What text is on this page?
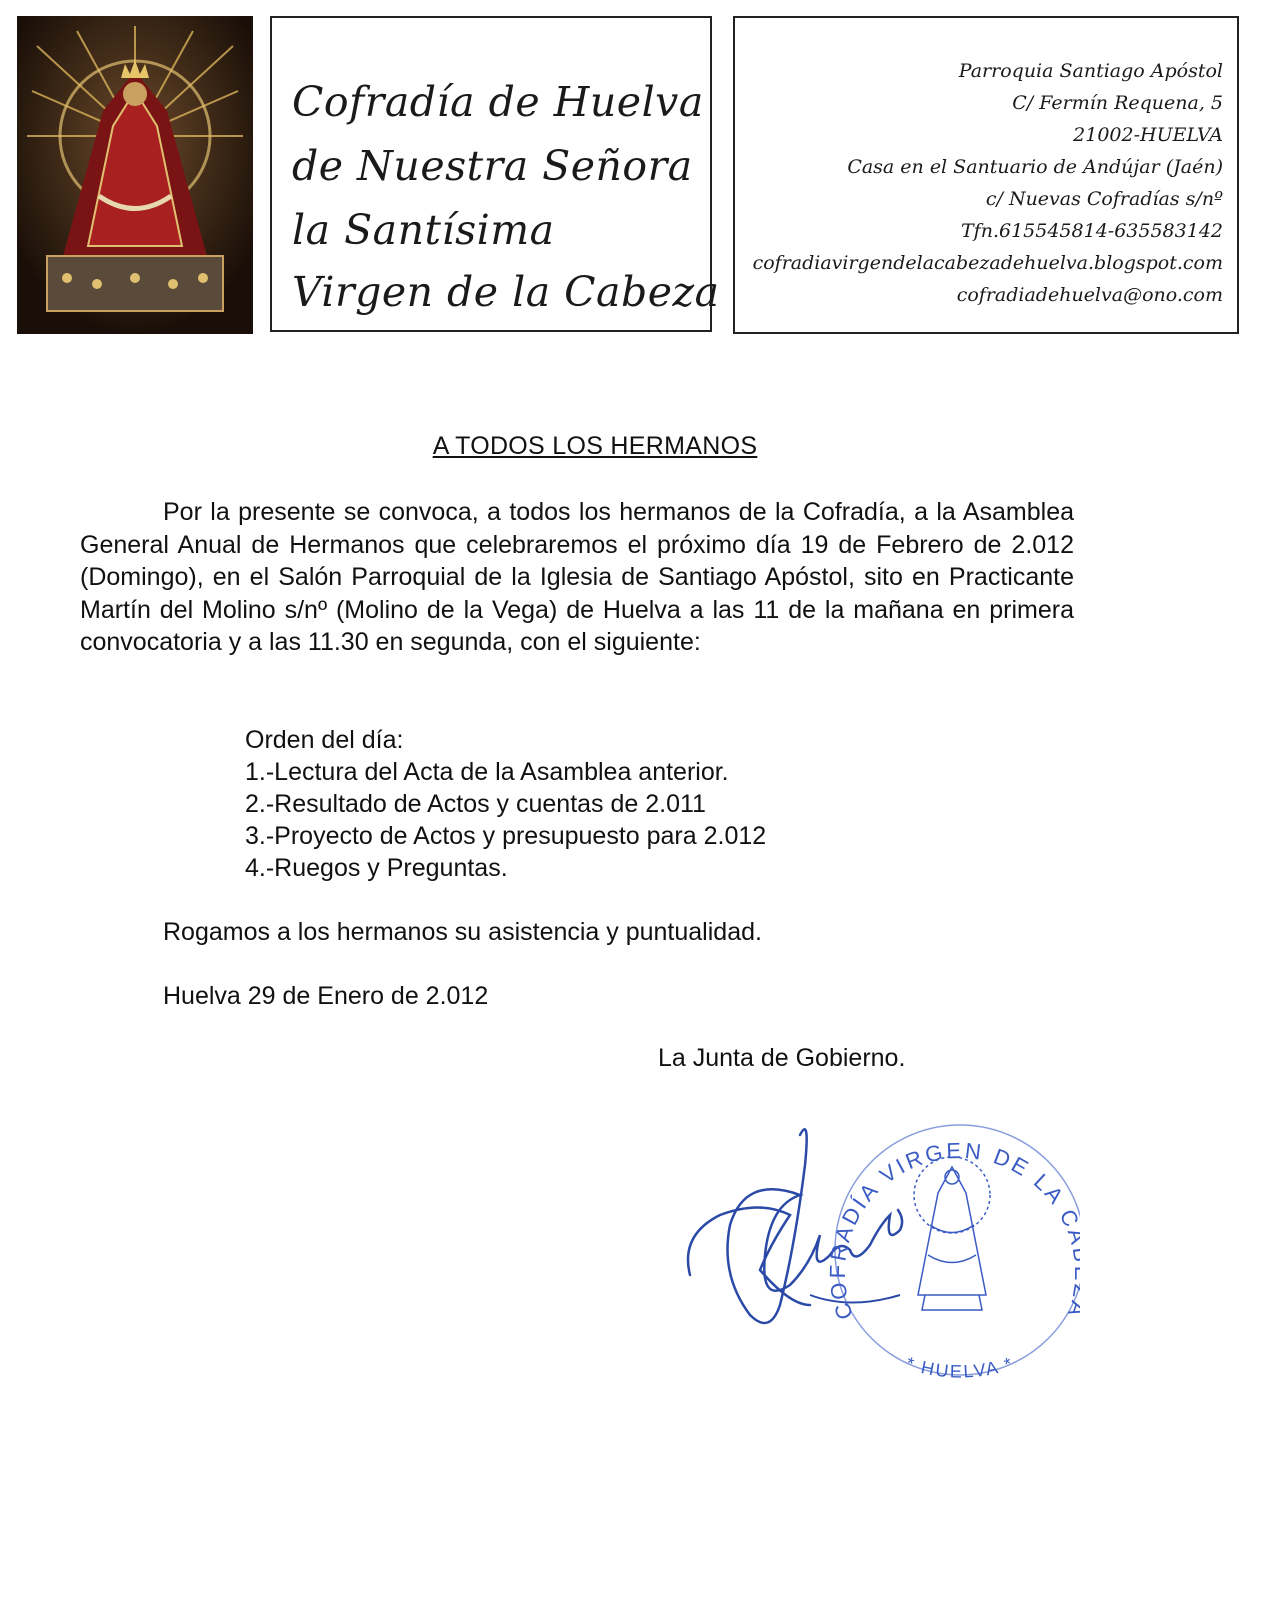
Cofradía de Huelva
de Nuestra Señora
la Santísima
Virgen de la Cabeza
Parroquia Santiago Apóstol
C/ Fermín Requena, 5
21002-HUELVA
Casa en el Santuario de Andújar (Jaén)
c/ Nuevas Cofradías s/nº
Tfn.615545814-635583142
cofradiavirgendelacabezadehuelva.blogspot.com
cofradiadehuelva@ono.com
A TODOS LOS HERMANOS
Por la presente se convoca, a todos los hermanos de la Cofradía, a la Asamblea General Anual de Hermanos que celebraremos el próximo día 19 de Febrero de 2.012 (Domingo), en el Salón Parroquial de la Iglesia de Santiago Apóstol, sito en Practicante Martín del Molino s/nº (Molino de la Vega) de Huelva a las 11 de la mañana en primera convocatoria y a las 11.30 en segunda, con el siguiente:
Orden del día:
1.-Lectura del Acta de la Asamblea anterior.
2.-Resultado de Actos y cuentas de 2.011
3.-Proyecto de Actos y presupuesto para 2.012
4.-Ruegos y Preguntas.
Rogamos a los hermanos su asistencia y puntualidad.
Huelva 29 de Enero de 2.012
La Junta de Gobierno.
COFRADÍA VIRGEN DE LA
* HUELVA *
